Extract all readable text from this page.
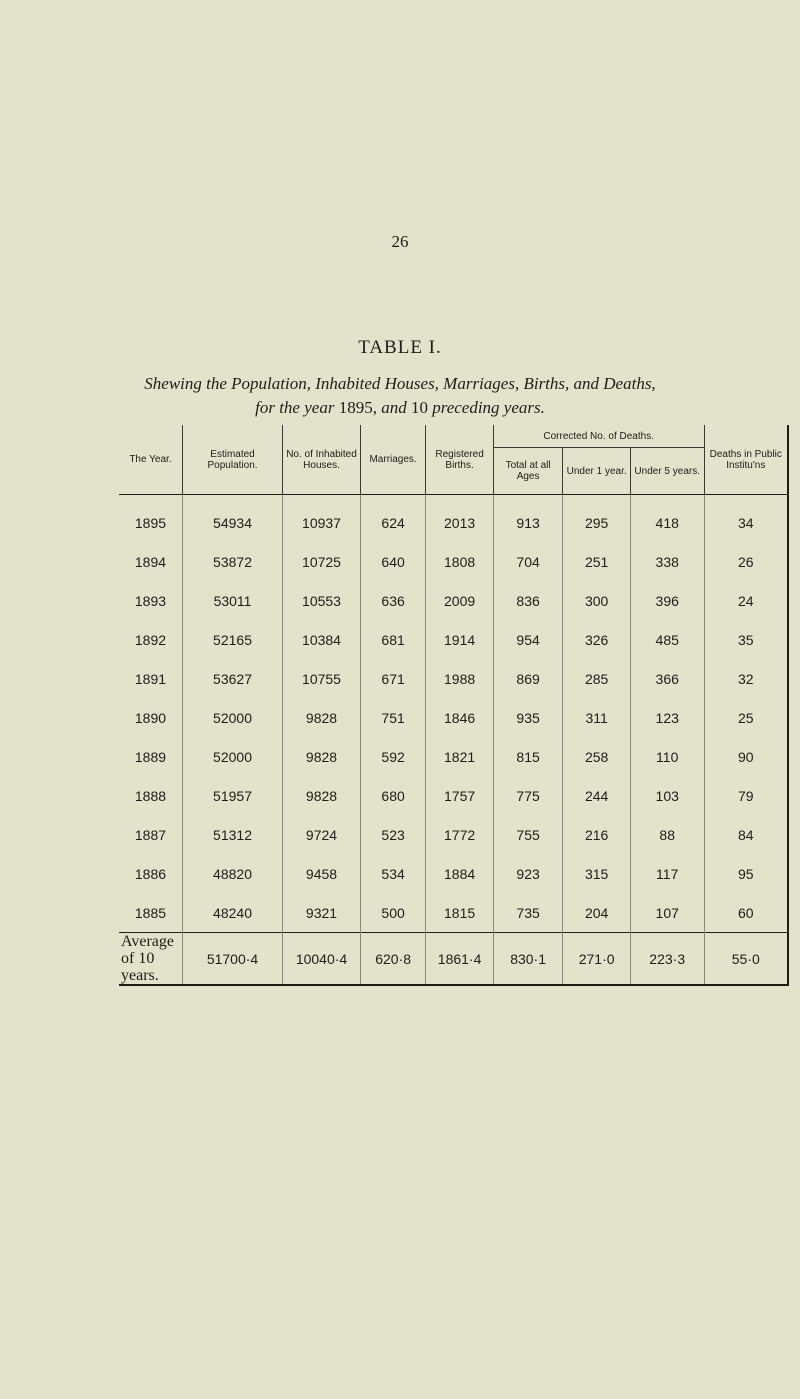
26
TABLE I.
Shewing the Population, Inhabited Houses, Marriages, Births, and Deaths,
for the year 1895, and 10 preceding years.
The Year.	Estimated Population.	No. of Inhabited Houses.	Marriages.	Registered Births.	Corrected No. of Deaths.			Deaths in Public Institu'ns
					Total at all Ages	Under 1 year.	Under 5 years.	
1895	54934	10937	624	2013	913	295	418	34
1894	53872	10725	640	1808	704	251	338	26
1893	53011	10553	636	2009	836	300	396	24
1892	52165	10384	681	1914	954	326	485	35
1891	53627	10755	671	1988	869	285	366	32
1890	52000	9828	751	1846	935	311	123	25
1889	52000	9828	592	1821	815	258	110	90
1888	51957	9828	680	1757	775	244	103	79
1887	51312	9724	523	1772	755	216	88	84
1886	48820	9458	534	1884	923	315	117	95
1885	48240	9321	500	1815	735	204	107	60
Average of 10 years.	51700·4	10040·4	620·8	1861·4	830·1	271·0	223·3	55·0
